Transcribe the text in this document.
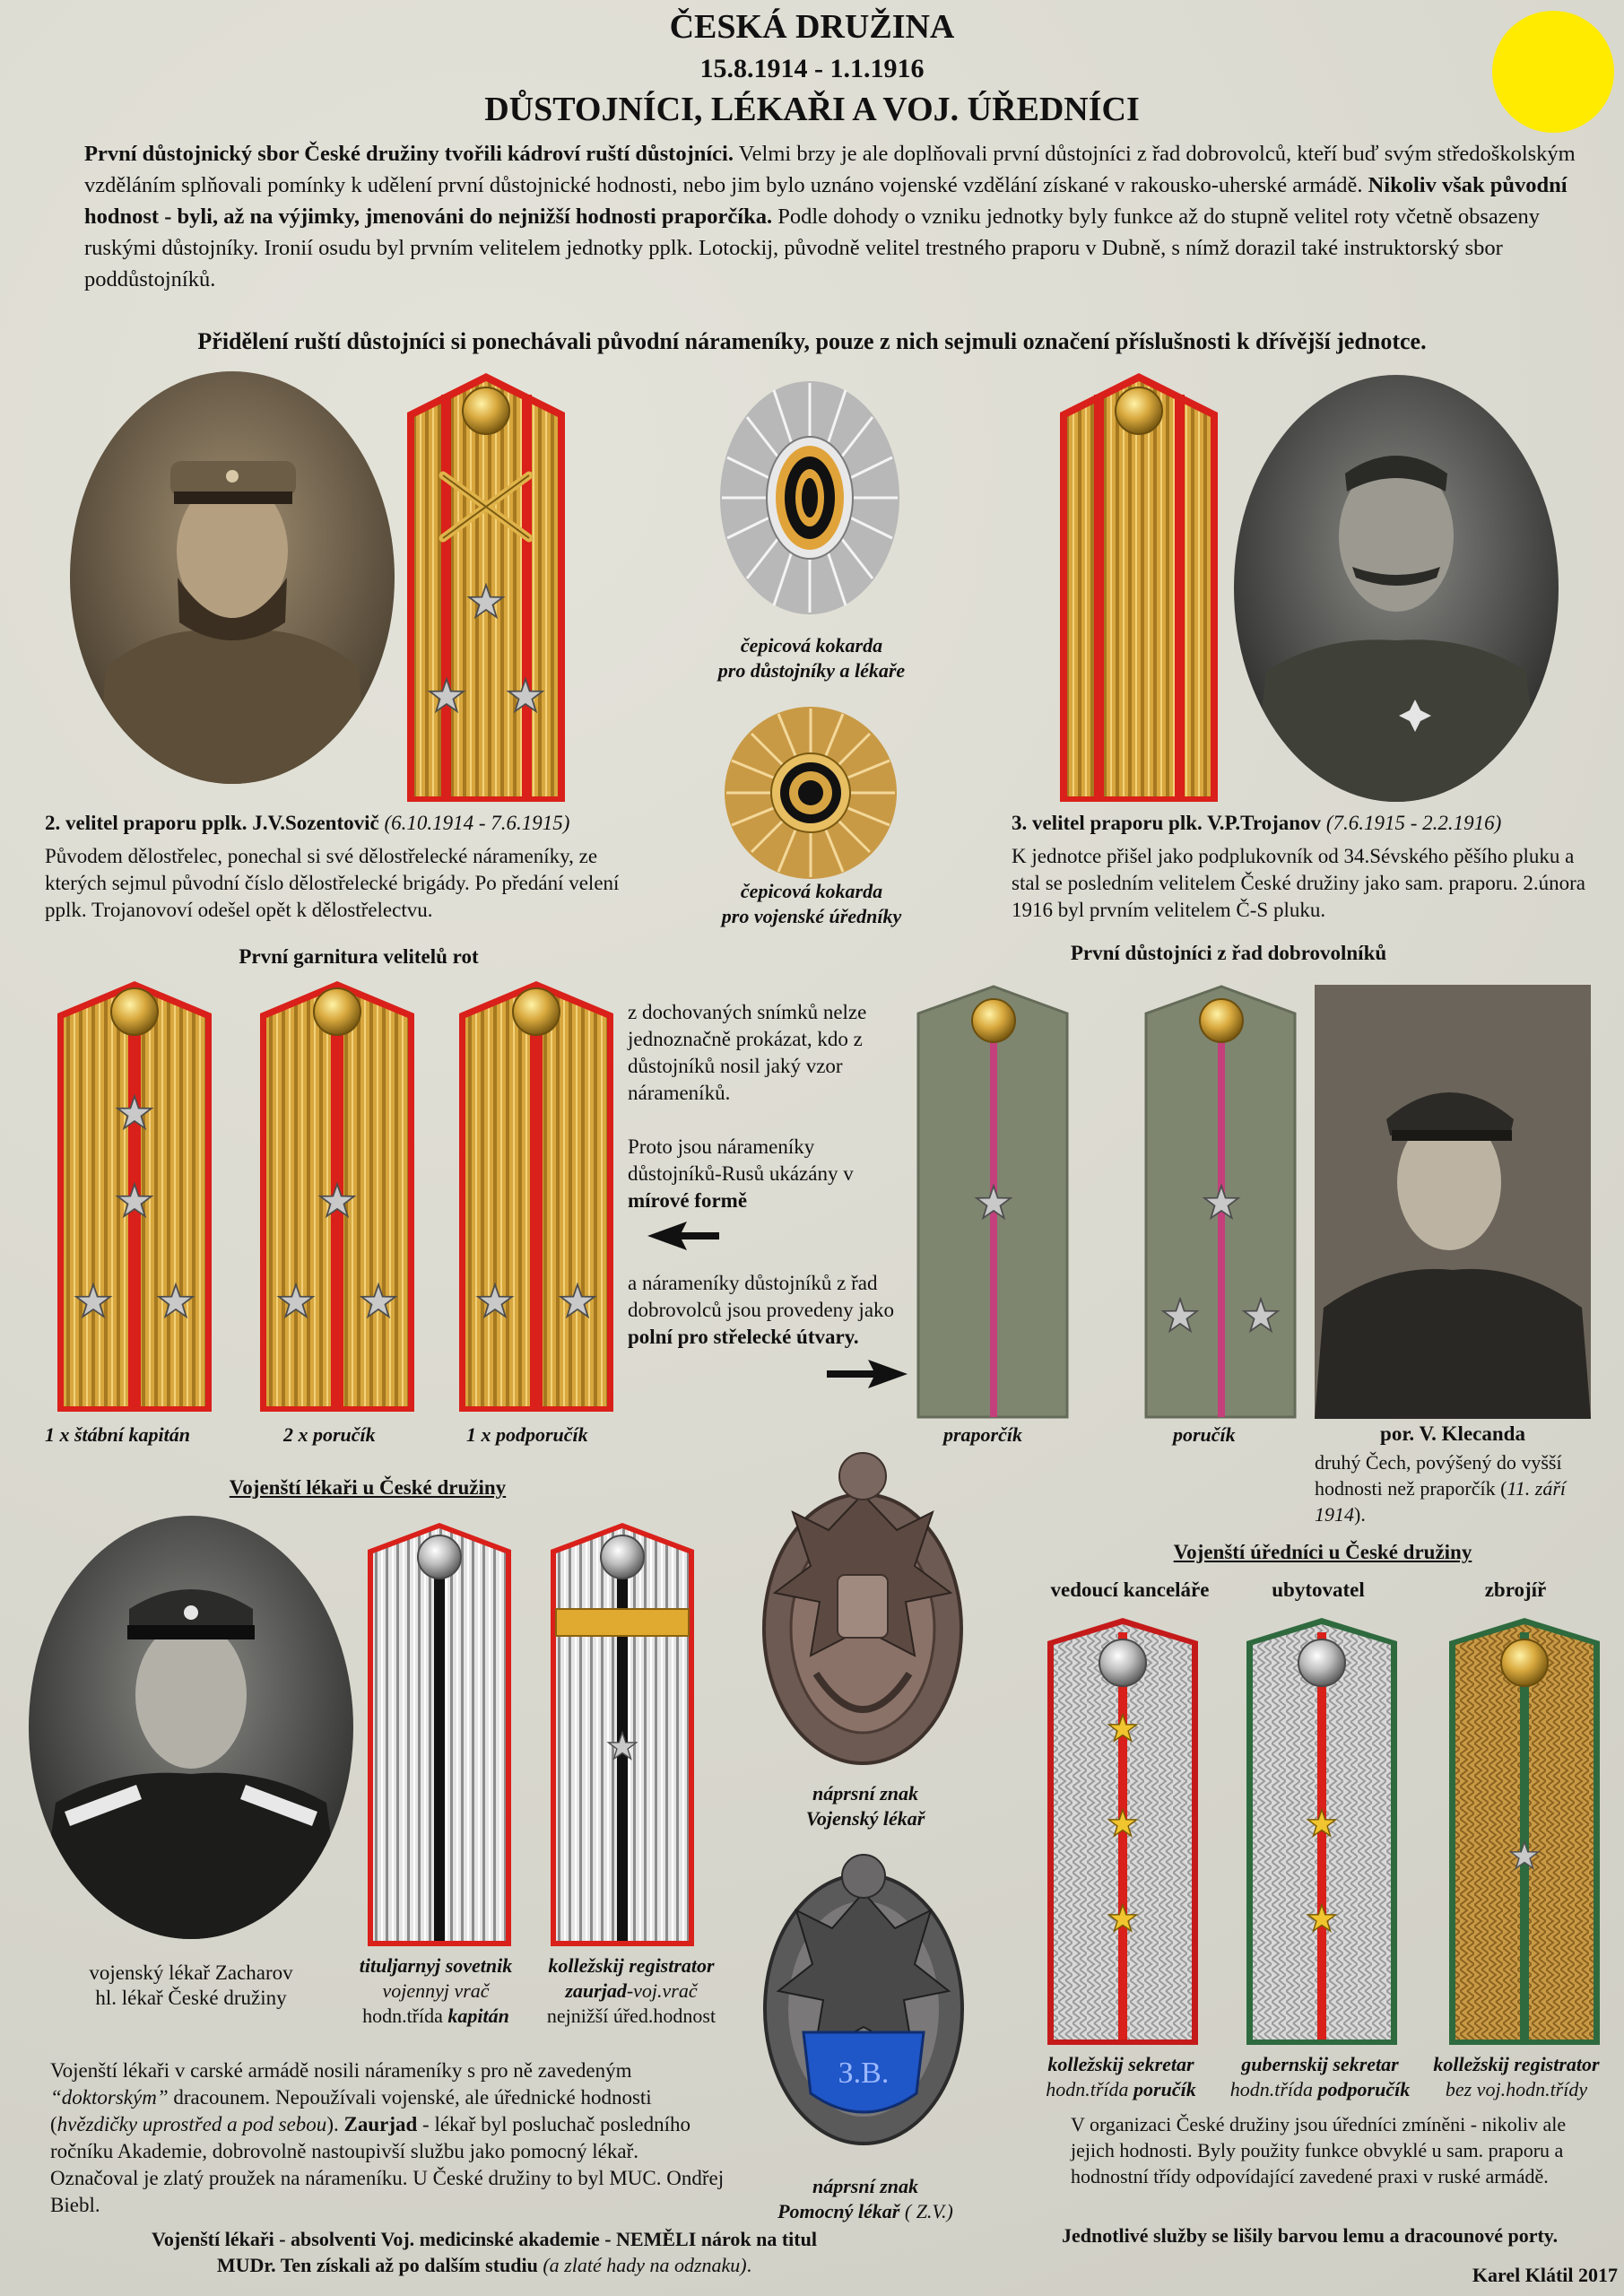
ČESKÁ DRUŽINA
15.8.1914 - 1.1.1916
DŮSTOJNÍCI, LÉKAŘI A VOJ. ÚŘEDNÍCI
První důstojnický sbor České družiny tvořili kádroví ruští důstojníci. Velmi brzy je ale doplňovali první důstojníci z řad dobrovolců, kteří buď svým středoškolským vzděláním splňovali pomínky k udělení první důstojnické hodnosti, nebo jim bylo uznáno vojenské vzdělání získané v rakousko-uherské armádě. Nikoliv však původní hodnost - byli, až na výjimky, jmenováni do nejnižší hodnosti praporčíka. Podle dohody o vzniku jednotky byly funkce až do stupně velitel roty včetně obsazeny ruskými důstojníky. Ironií osudu byl prvním velitelem jednotky pplk. Lotockij, původně velitel trestného praporu v Dubně, s nímž dorazil také instruktorský sbor poddůstojníků.
Přidělení ruští důstojníci si ponechávali původní náramеníky, pouze z nich sejmuli označení příslušnosti k dřívější jednotce.
čepicová kokarda
pro důstojníky a lékaře
čepicová kokarda
pro vojenské úředníky
2. velitel praporu pplk. J.V.Sozentovič (6.10.1914 - 7.6.1915)
Původem dělostřelec, ponechal si své dělostřelecké náramеníky, ze kterých sejmul původní číslo dělostřelecké brigády. Po předání velení pplk. Trojanovoví odešel opět k dělostřelectvu.
3. velitel praporu plk. V.P.Trojanov (7.6.1915 - 2.2.1916)
K jednotce přišel jako podplukovník od 34.Sévského pěšího pluku a stal se posledním velitelem České družiny jako sam. praporu. 2.února 1916 byl prvním velitelem Č-S pluku.
První garnitura velitelů rot
1 x štábní kapitán	2 x poručík	1 x podporučík
z dochovaných snímků nelze jednoznačně prokázat, kdo z důstojníků nosil jaký vzor náramеníků.
Proto jsou náramеníky důstojníků-Rusů ukázány v mírové formě
a náramеníky důstojníků z řad dobrovolců jsou provedeny jako polní pro střelecké útvary.
První důstojníci z řad dobrovolníků
praporčík	poručík	por. V. Klecanda
druhý Čech, povýšený do vyšší hodnosti než praporčík (11. září 1914).
Vojenští lékaři u České družiny
vojenský lékař Zacharov
hl. lékař České družiny
tituljarnyj sovetnik
vojennyj vrač
hodn.třída kapitán
kolležskij registrator
zaurjad-voj.vrač
nejnižší úřed.hodnost
náprsní znak
Vojenský lékař
З.В.
náprsní znak
Pomocný lékař ( Z.V.)
Vojenští lékaři v carské armádě nosili náramеníky s pro ně zavedeným “doktorským” dracounem. Nepoužívali vojenské, ale úřednické hodnosti (hvězdičky uprostřed a pod sebou). Zaurjad - lékař byl posluchač posledního ročníku Akademie, dobrovolně nastoupivší službu jako pomocný lékař. Označoval je zlatý proužek na náramеníku. U České družiny to byl MUC. Ondřej Biebl.
Vojenští lékaři - absolventi Voj. medicinské akademie - NEMĚLI nárok na titul MUDr. Ten získali až po dalším studiu (a zlaté hady na odznaku).
Vojenští úředníci u České družiny
vedoucí kanceláře	ubytovatel	zbrojíř
kolležskij sekretar
hodn.třída poručík
gubernskij sekretar
hodn.třída podporučík
kolležskij registrator
bez voj.hodn.třídy
V organizaci České družiny jsou úředníci zmíněni - nikoliv ale jejich hodnosti. Byly použity funkce obvyklé u sam. praporu a hodnostní třídy odpovídající zavedené praxi v ruské armádě.
Jednotlivé služby se lišily barvou lemu a dracounové porty.
Karel Klátil 2017
